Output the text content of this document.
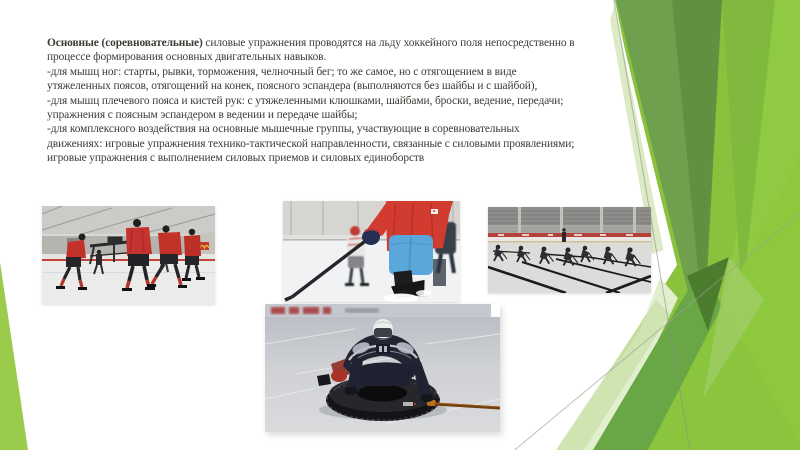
Основные (соревновательные) силовые упражнения проводятся на льду хоккейного поля непосредственно в
процессе формирования основных двигательных навыков.
-для мышц ног: старты, рывки, торможения, челночный бег; то же самое, но с отягощением в виде
утяжеленных поясов, отягощений на конек, поясного эспандера (выполняются без шайбы и с шайбой),
-для мышц плечевого пояса и кистей рук: с утяжеленными клюшками, шайбами, броски, ведение, передачи;
упражнения с поясным эспандером в ведении и передаче шайбы;
-для комплексного воздействия на основные мышечные группы, участвующие в соревновательных
движениях: игровые упражнения технико-тактической направленности, связанные с силовыми проявлениями;
игровые упражнения с выполнением силовых приемов и силовых единоборств
